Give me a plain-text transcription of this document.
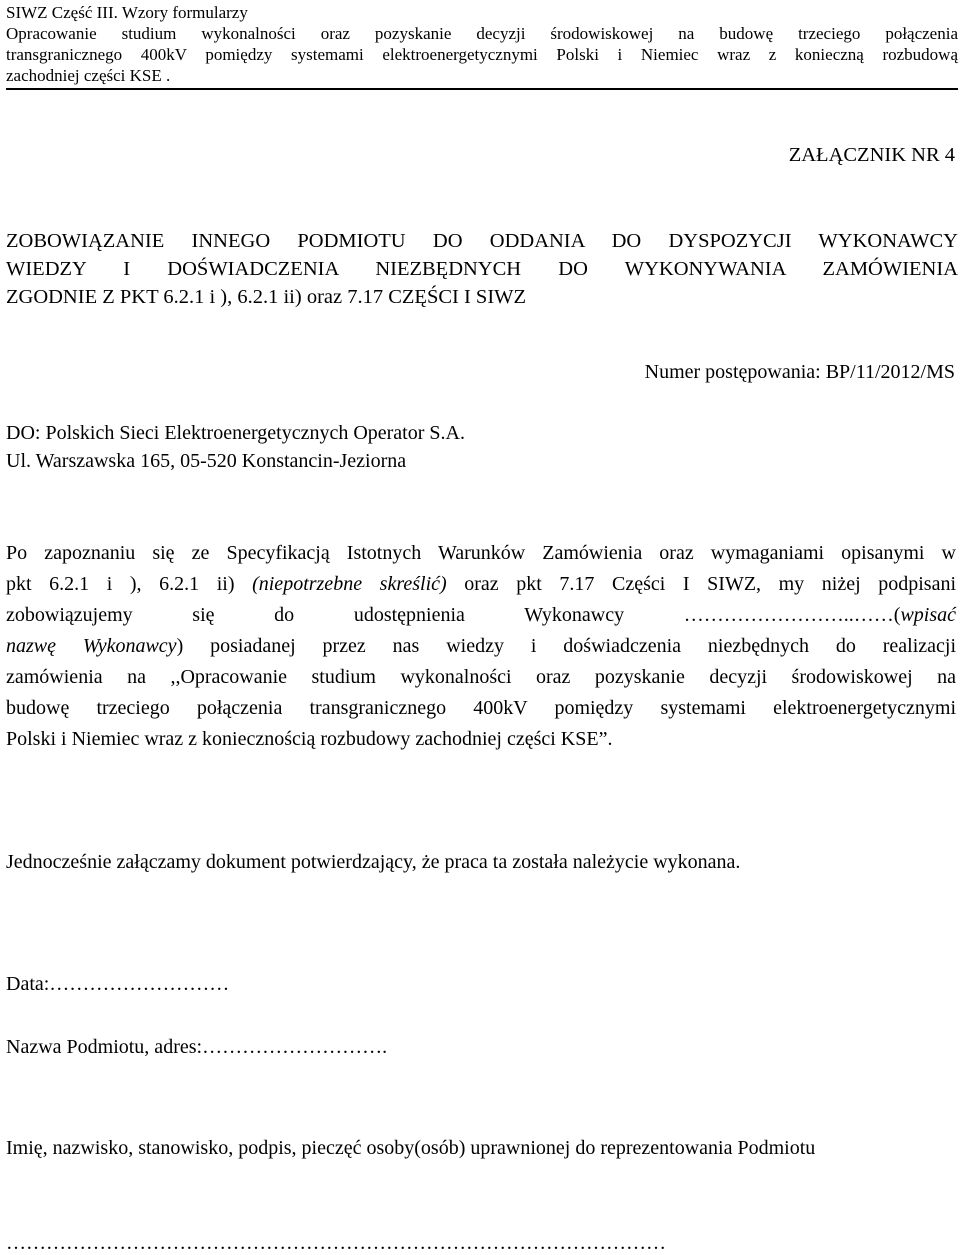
SIWZ Część III. Wzory formularzy
Opracowanie studium wykonalności oraz pozyskanie decyzji środowiskowej na budowę trzeciego połączenia
transgranicznego 400kV pomiędzy systemami elektroenergetycznymi Polski i Niemiec wraz z konieczną rozbudową
zachodniej części KSE .
ZAŁĄCZNIK NR 4
ZOBOWIĄZANIE INNEGO PODMIOTU DO ODDANIA DO DYSPOZYCJI WYKONAWCY
WIEDZY I DOŚWIADCZENIA NIEZBĘDNYCH DO WYKONYWANIA ZAMÓWIENIA
ZGODNIE Z PKT 6.2.1 i ), 6.2.1 ii) oraz 7.17 CZĘŚCI I SIWZ
Numer postępowania: BP/11/2012/MS
DO: Polskich Sieci Elektroenergetycznych Operator S.A.
Ul. Warszawska 165, 05-520 Konstancin-Jeziorna
Po zapoznaniu się ze Specyfikacją Istotnych Warunków Zamówienia oraz wymaganiami opisanymi w
pkt 6.2.1 i ), 6.2.1 ii) (niepotrzebne skreślić) oraz pkt 7.17 Części I SIWZ, my niżej podpisani
zobowiązujemy się do udostępnienia Wykonawcy ……………………..……(wpisać
nazwę Wykonawcy) posiadanej przez nas wiedzy i doświadczenia niezbędnych do realizacji
zamówienia na ,,Opracowanie studium wykonalności oraz pozyskanie decyzji środowiskowej na
budowę trzeciego połączenia transgranicznego 400kV pomiędzy systemami elektroenergetycznymi
Polski i Niemiec wraz z koniecznością rozbudowy zachodniej części KSE”.
Jednocześnie załączamy dokument potwierdzający, że praca ta została należycie wykonana.
Data:………………………
Nazwa Podmiotu, adres:……………………….
Imię, nazwisko, stanowisko, podpis, pieczęć osoby(osób) uprawnionej do reprezentowania Podmiotu
………………………………………………………………………………………
